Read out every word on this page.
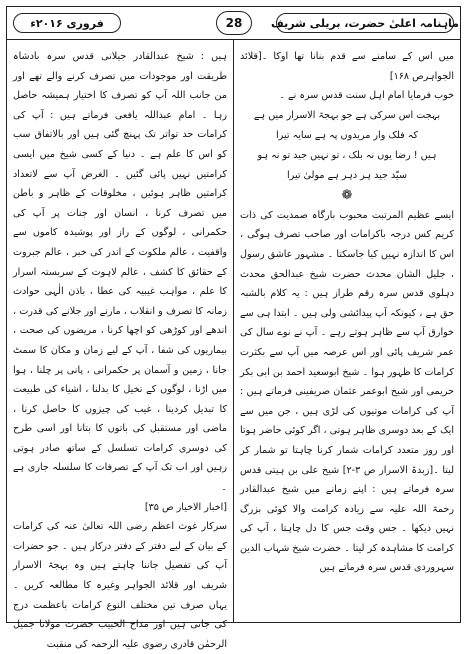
ماہنامہ اعلیٰ حضرت، بریلی شریف
28
فروری ۲۰۱۶ء

میں اس کے سامنے سے قدم بنانا تھا اوکا ۔[قلائد الجواہرص ۱۶۸]

خوب فرمایا امام اہل سنت قدس سرہ نے ۔

بہجت اس سرکی ہے جو بہجۃ الاسرار میں ہے
کہ فلک وار مریدوں پہ ہے سایہ تیرا
ہیں ! رضا یوں نہ بلک ، تو نہیں جید تو نہ ہو
سیّد جید ہر دہر ہے مولیٰ تیرا
❁

ایسے عظیم المرتبت محبوب بارگاہ صمدیت کی ذات کریم کس درجہ باکرامات اور صاحب تصرف ہوگی ، اس کا اندازہ نہیں کیا جاسکتا ۔ مشہور عاشق رسول ، جلیل الشان محدث حضرت شیخ عبدالحق محدث دہلوی قدس سرہ رقم طراز ہیں : یہ کلام بالشبہ حق ہے ، کیونکہ آپ پیدائشی ولی ہیں ۔ ابتدا ہی سے خوارق آپ سے ظاہر ہوتے رہے ۔ آپ نے نوے سال کی عمر شریف پائی اور اس عرصہ میں آپ سے بکثرت کرامات کا ظہور ہوا ۔ شیخ ابوسعید احمد بن ابی بکر حریمی اور شیخ ابوعمر عثمان صریفینی فرماتے ہیں : آپ کی کرامات موتیوں کی لڑی ہیں ، جن میں سے ایک کے بعد دوسری ظاہر ہوتی ، اگر کوئی حاضر ہوتا اور روز متعدد کرامات شمار کرنا چاہتا تو شمار کر لیتا ۔[زبدۃ الاسرار ص ۳-۲] شیخ علی بن ہیتی قدس سرہ فرماتے ہیں : اپنے زمانے میں شیخ عبدالقادر رحمۃ اللہ علیہ سے زیادہ کرامت والا کوئی بزرگ نہیں دیکھا ۔ جس وقت جس کا دل چاہتا ، آپ کی کرامت کا مشاہدہ کر لیتا ۔ حضرت شیخ شہاب الدین سہروردی قدس سرہ فرماتے ہیں

ہیں : شیخ عبدالقادر جیلانی قدس سرہ بادشاہ طریقت اور موجودات میں تصرف کرنے والے تھے اور من جانب اللہ آپ کو تصرف کا اختیار ہمیشہ حاصل رہا ۔ امام عبداللہ یافعی فرماتے ہیں : آپ کی کرامات حد تواتر تک پہنچ گئی ہیں اور بالاتفاق سب کو اس کا علم ہے ۔ دنیا کے کسی شیخ میں ایسی کرامتیں نہیں پائی گئیں ۔ الغرض آپ سے لاتعداد کرامتیں ظاہر ہوئیں ، مخلوقات کے ظاہر و باطن میں تصرف کرنا ، انسان اور جنات پر آپ کی حکمرانی ، لوگوں کے راز اور پوشیدہ کاموں سے واقفیت ، عالم ملکوت کے اندر کی خبر ، عالم جبروت کے حقائق کا کشف ، عالم لاہوت کے سربستہ اسرار کا علم ، مواہب غیبیہ کی عطا ، باذن الٰہی حوادث زمانہ کا تصرف و انقلاب ، مارنے اور جلانے کی قدرت ، اندھے اور کوڑھی کو اچھا کرنا ، مریضوں کی صحت ، بیماریوں کی شفا ، آپ کے لیے زمان و مکان کا سمٹ جانا ، زمین و آسمان پر حکمرانی ، پانی پر چلنا ، ہوا میں اڑنا ، لوگوں کے تخیل کا بدلنا ، اشیاء کی طبیعت کا تبدیل کردینا ، غیب کی چیزوں کا حاصل کرنا ، ماضی اور مستقبل کی باتوں کا بتانا اور اسی طرح کی دوسری کرامات تسلسل کے ساتھ صادر ہوتی رہیں اور اب تک آپ کے تصرفات کا سلسلہ جاری ہے ۔

[اخبار الاخیار ص ۳۵]

سرکار غوث اعظم رضی اللہ تعالیٰ عنہ کی کرامات کے بیان کے لیے دفتر کے دفتر درکار ہیں ۔ جو حضرات آپ کی تفصیل جاننا چاہتے ہیں وہ بہجۃ الاسرار شریف اور قلائد الجواہر وغیرہ کا مطالعہ کریں ۔ یہاں صرف تین مختلف النوع کرامات باعظمت درج کی جاتی ہیں اور مداح الحبیب حضرت مولانا جمیل الرحمٰن قادری رضوی علیہ الرحمہ کی منقبت
